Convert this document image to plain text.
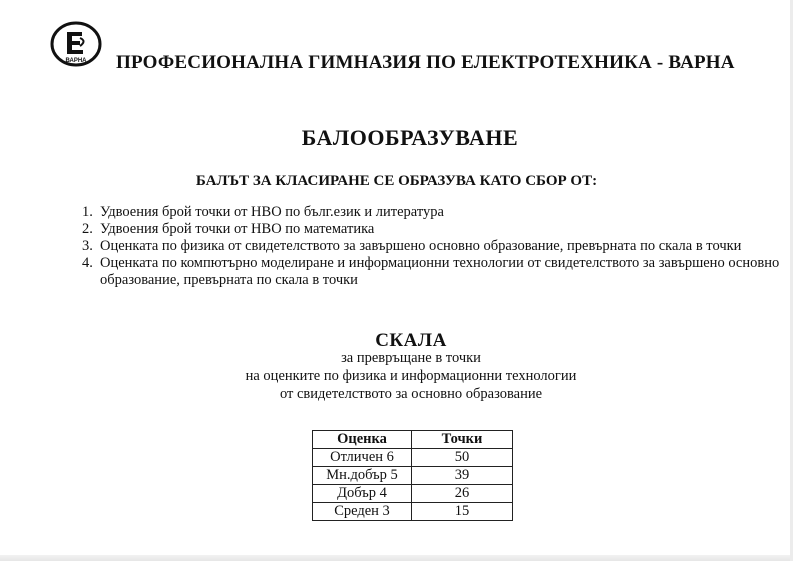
ВАРНА ПРОФЕСИОНАЛНА ГИМНАЗИЯ ПО ЕЛЕКТРОТЕХНИКА - ВАРНА
БАЛООБРАЗУВАНЕ
БАЛЪТ ЗА КЛАСИРАНЕ СЕ ОБРАЗУВА КАТО СБОР ОТ:
1. Удвоения брой точки от НВО по бълг.език и литература
2. Удвоения брой точки от НВО по математика
3. Оценката по физика от свидетелството за завършено основно образование, превърната по скала в точки
4. Оценката по компютърно моделиране и информационни технологии от свидетелството за завършено основно образование, превърната по скала в точки
СКАЛА
за превръщане в точки
на оценките по физика и информационни технологии
от свидетелството за основно образование
Оценка	Точки
Отличен 6	50
Мн.добър 5	39
Добър 4	26
Среден 3	15
